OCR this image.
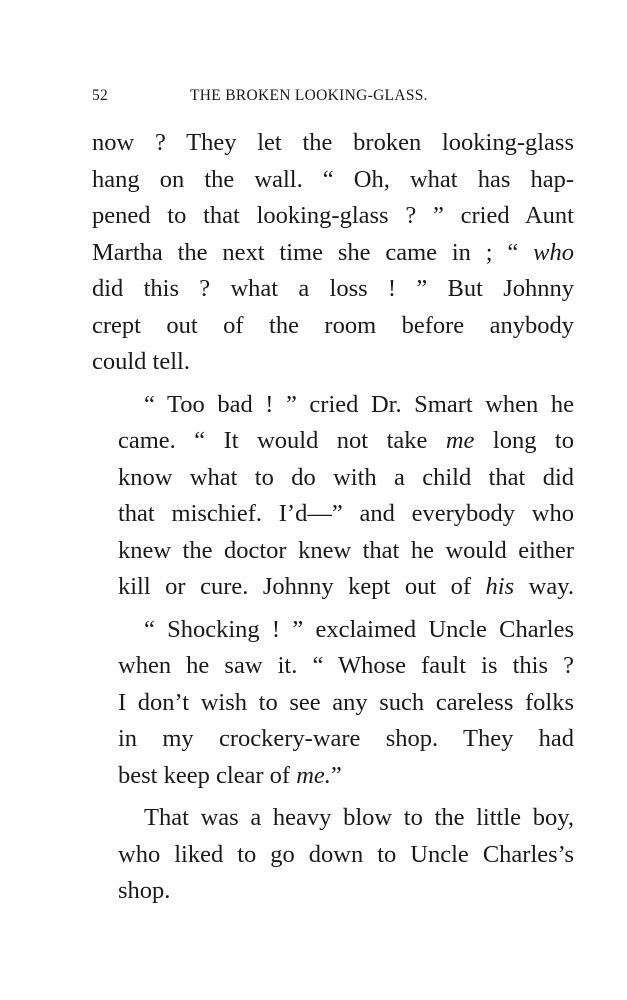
52	THE BROKEN LOOKING-GLASS.
now ? They let the broken looking-glass
hang on the wall. “ Oh, what has hap-
pened to that looking-glass ? ” cried Aunt
Martha the next time she came in ; “ who
did this ? what a loss ! ” But Johnny
crept out of the room before anybody
could tell.
“ Too bad ! ” cried Dr. Smart when he
came. “ It would not take me long to
know what to do with a child that did
that mischief. I’d—” and everybody who
knew the doctor knew that he would either
kill or cure. Johnny kept out of his way.
“ Shocking ! ” exclaimed Uncle Charles
when he saw it. “ Whose fault is this ?
I don’t wish to see any such careless folks
in my crockery-ware shop. They had
best keep clear of me.”
That was a heavy blow to the little boy,
who liked to go down to Uncle Charles’s
shop.
